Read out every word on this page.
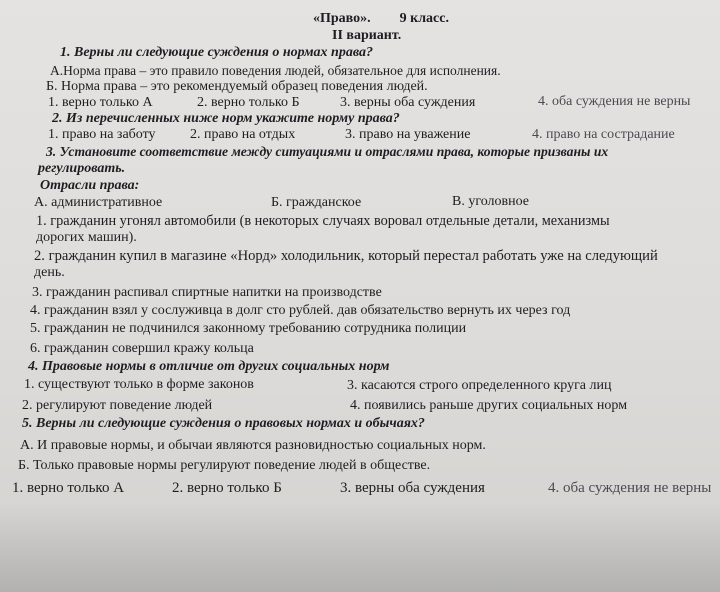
«Право». 9 класс.
II вариант.
1. Верны ли следующие суждения о нормах права?
А.Норма права – это правило поведения людей, обязательное для исполнения.
Б. Норма права – это рекомендуемый образец поведения людей.
1. верно только А	2. верно только Б	3. верны оба суждения	4. оба суждения не верны
2. Из перечисленных ниже норм укажите норму права?
1. право на заботу 2. право на отдых	3. право на уважение	4. право на сострадание
3. Установите соответствие между ситуациями и отраслями права, которые призваны их
регулировать.
Отрасли права:
А. административное	Б. гражданское	В. уголовное
1. гражданин угонял автомобили (в некоторых случаях воровал отдельные детали, механизмы
дорогих машин).
2. гражданин купил в магазине «Норд» холодильник, который перестал работать уже на следующий
день.
3. гражданин распивал спиртные напитки на производстве
4. гражданин взял у сослуживца в долг сто рублей. дав обязательство вернуть их через год
5. гражданин не подчинился законному требованию сотрудника полиции
6. гражданин совершил кражу кольца
4. Правовые нормы в отличие от других социальных норм
1. существуют только в форме законов	3. касаются строго определенного круга лиц
2. регулируют поведение людей	4. появились раньше других социальных норм
5. Верны ли следующие суждения о правовых нормах и обычаях?
А. И правовые нормы, и обычаи являются разновидностью социальных норм.
Б. Только правовые нормы регулируют поведение людей в обществе.
1. верно только А	2. верно только Б	3. верны оба суждения	4. оба суждения не верны
